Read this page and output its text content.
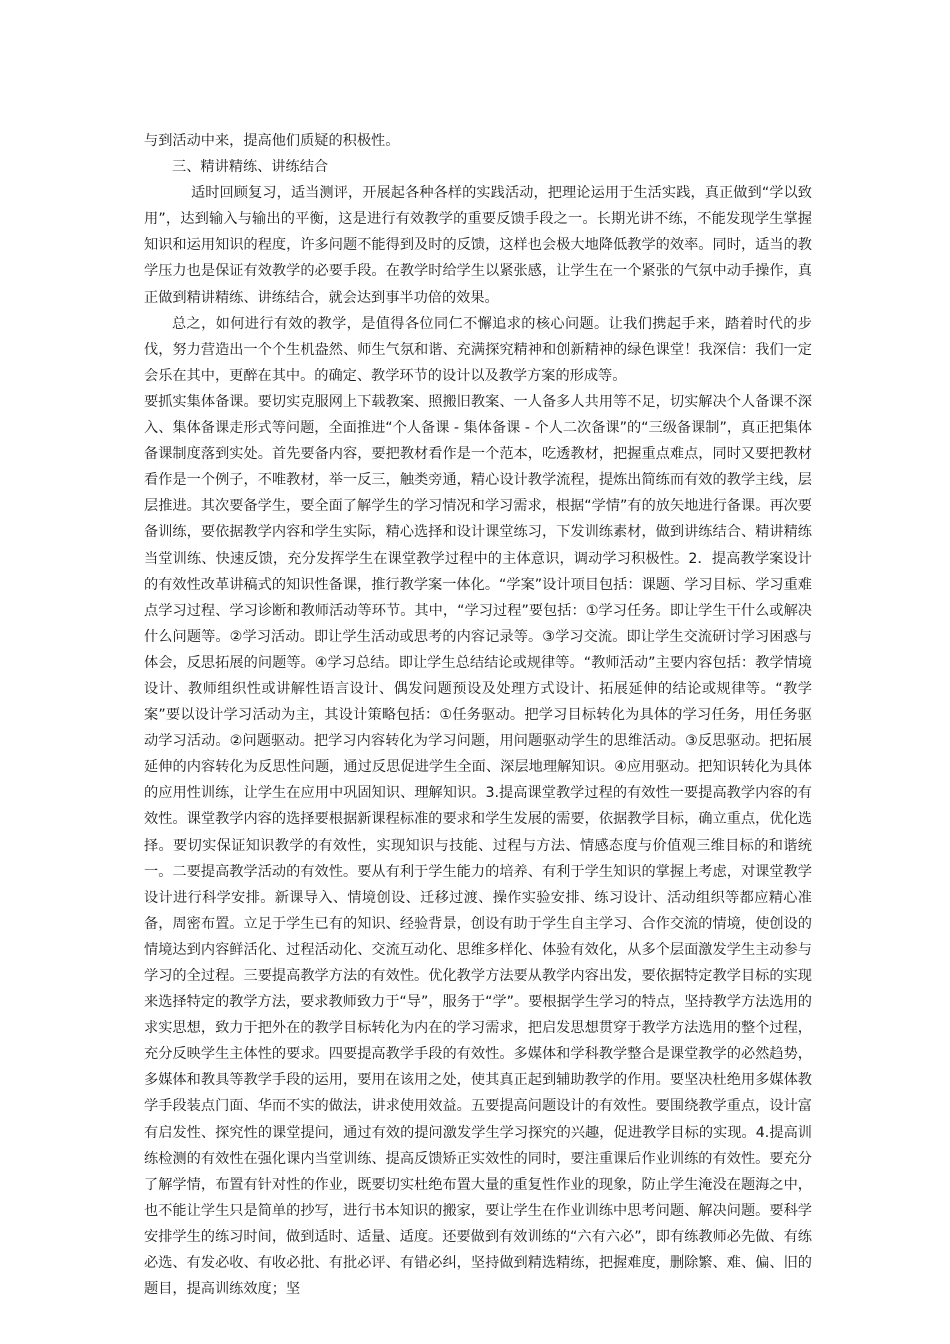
与到活动中来，提高他们质疑的积极性。

三、精讲精练、讲练结合

适时回顾复习，适当测评，开展起各种各样的实践活动，把理论运用于生活实践，真正做到“学以致用”，达到输入与输出的平衡，这是进行有效教学的重要反馈手段之一。长期光讲不练，不能发现学生掌握知识和运用知识的程度，许多问题不能得到及时的反馈，这样也会极大地降低教学的效率。同时，适当的教学压力也是保证有效教学的必要手段。在教学时给学生以紧张感，让学生在一个紧张的气氛中动手操作，真正做到精讲精练、讲练结合，就会达到事半功倍的效果。

总之，如何进行有效的教学，是值得各位同仁不懈追求的核心问题。让我们携起手来，踏着时代的步伐，努力营造出一个个生机盎然、师生气氛和谐、充满探究精神和创新精神的绿色课堂！我深信：我们一定会乐在其中，更醉在其中。的确定、教学环节的设计以及教学方案的形成等。

要抓实集体备课。要切实克服网上下载教案、照搬旧教案、一人备多人共用等不足，切实解决个人备课不深入、集体备课走形式等问题，全面推进“个人备课 - 集体备课 - 个人二次备课”的“三级备课制”，真正把集体备课制度落到实处。首先要备内容，要把教材看作是一个范本，吃透教材，把握重点难点，同时又要把教材看作是一个例子，不唯教材，举一反三，触类旁通，精心设计教学流程，提炼出简练而有效的教学主线，层层推进。其次要备学生，要全面了解学生的学习情况和学习需求，根据“学情”有的放矢地进行备课。再次要备训练，要依据教学内容和学生实际，精心选择和设计课堂练习，下发训练素材，做到讲练结合、精讲精练当堂训练、快速反馈，充分发挥学生在课堂教学过程中的主体意识，调动学习积极性。2．提高教学案设计的有效性改革讲稿式的知识性备课，推行教学案一体化。“学案”设计项目包括：课题、学习目标、学习重难点学习过程、学习诊断和教师活动等环节。其中，“学习过程”要包括：①学习任务。即让学生干什么或解决什么问题等。②学习活动。即让学生活动或思考的内容记录等。③学习交流。即让学生交流研讨学习困惑与体会，反思拓展的问题等。④学习总结。即让学生总结结论或规律等。“教师活动”主要内容包括：教学情境设计、教师组织性或讲解性语言设计、偶发问题预设及处理方式设计、拓展延伸的结论或规律等。“教学案”要以设计学习活动为主，其设计策略包括：①任务驱动。把学习目标转化为具体的学习任务，用任务驱动学习活动。②问题驱动。把学习内容转化为学习问题，用问题驱动学生的思维活动。③反思驱动。把拓展延伸的内容转化为反思性问题，通过反思促进学生全面、深层地理解知识。④应用驱动。把知识转化为具体的应用性训练，让学生在应用中巩固知识、理解知识。3.提高课堂教学过程的有效性一要提高教学内容的有效性。课堂教学内容的选择要根据新课程标准的要求和学生发展的需要，依据教学目标，确立重点，优化选择。要切实保证知识教学的有效性，实现知识与技能、过程与方法、情感态度与价值观三维目标的和谐统一。二要提高教学活动的有效性。要从有利于学生能力的培养、有利于学生知识的掌握上考虑，对课堂教学设计进行科学安排。新课导入、情境创设、迁移过渡、操作实验安排、练习设计、活动组织等都应精心准备，周密布置。立足于学生已有的知识、经验背景，创设有助于学生自主学习、合作交流的情境，使创设的情境达到内容鲜活化、过程活动化、交流互动化、思维多样化、体验有效化，从多个层面激发学生主动参与学习的全过程。三要提高教学方法的有效性。优化教学方法要从教学内容出发，要依据特定教学目标的实现来选择特定的教学方法，要求教师致力于“导”，服务于“学”。要根据学生学习的特点，坚持教学方法选用的求实思想，致力于把外在的教学目标转化为内在的学习需求，把启发思想贯穿于教学方法选用的整个过程，充分反映学生主体性的要求。四要提高教学手段的有效性。多媒体和学科教学整合是课堂教学的必然趋势，多媒体和教具等教学手段的运用，要用在该用之处，使其真正起到辅助教学的作用。要坚决杜绝用多媒体教学手段装点门面、华而不实的做法，讲求使用效益。五要提高问题设计的有效性。要围绕教学重点，设计富有启发性、探究性的课堂提问，通过有效的提问激发学生学习探究的兴趣，促进教学目标的实现。4.提高训练检测的有效性在强化课内当堂训练、提高反馈矫正实效性的同时，要注重课后作业训练的有效性。要充分了解学情，布置有针对性的作业，既要切实杜绝布置大量的重复性作业的现象，防止学生淹没在题海之中，也不能让学生只是简单的抄写，进行书本知识的搬家，要让学生在作业训练中思考问题、解决问题。要科学安排学生的练习时间，做到适时、适量、适度。还要做到有效训练的“六有六必”，即有练教师必先做、有练必选、有发必收、有收必批、有批必评、有错必纠，坚持做到精选精练，把握难度，删除繁、难、偏、旧的题目，提高训练效度；坚
